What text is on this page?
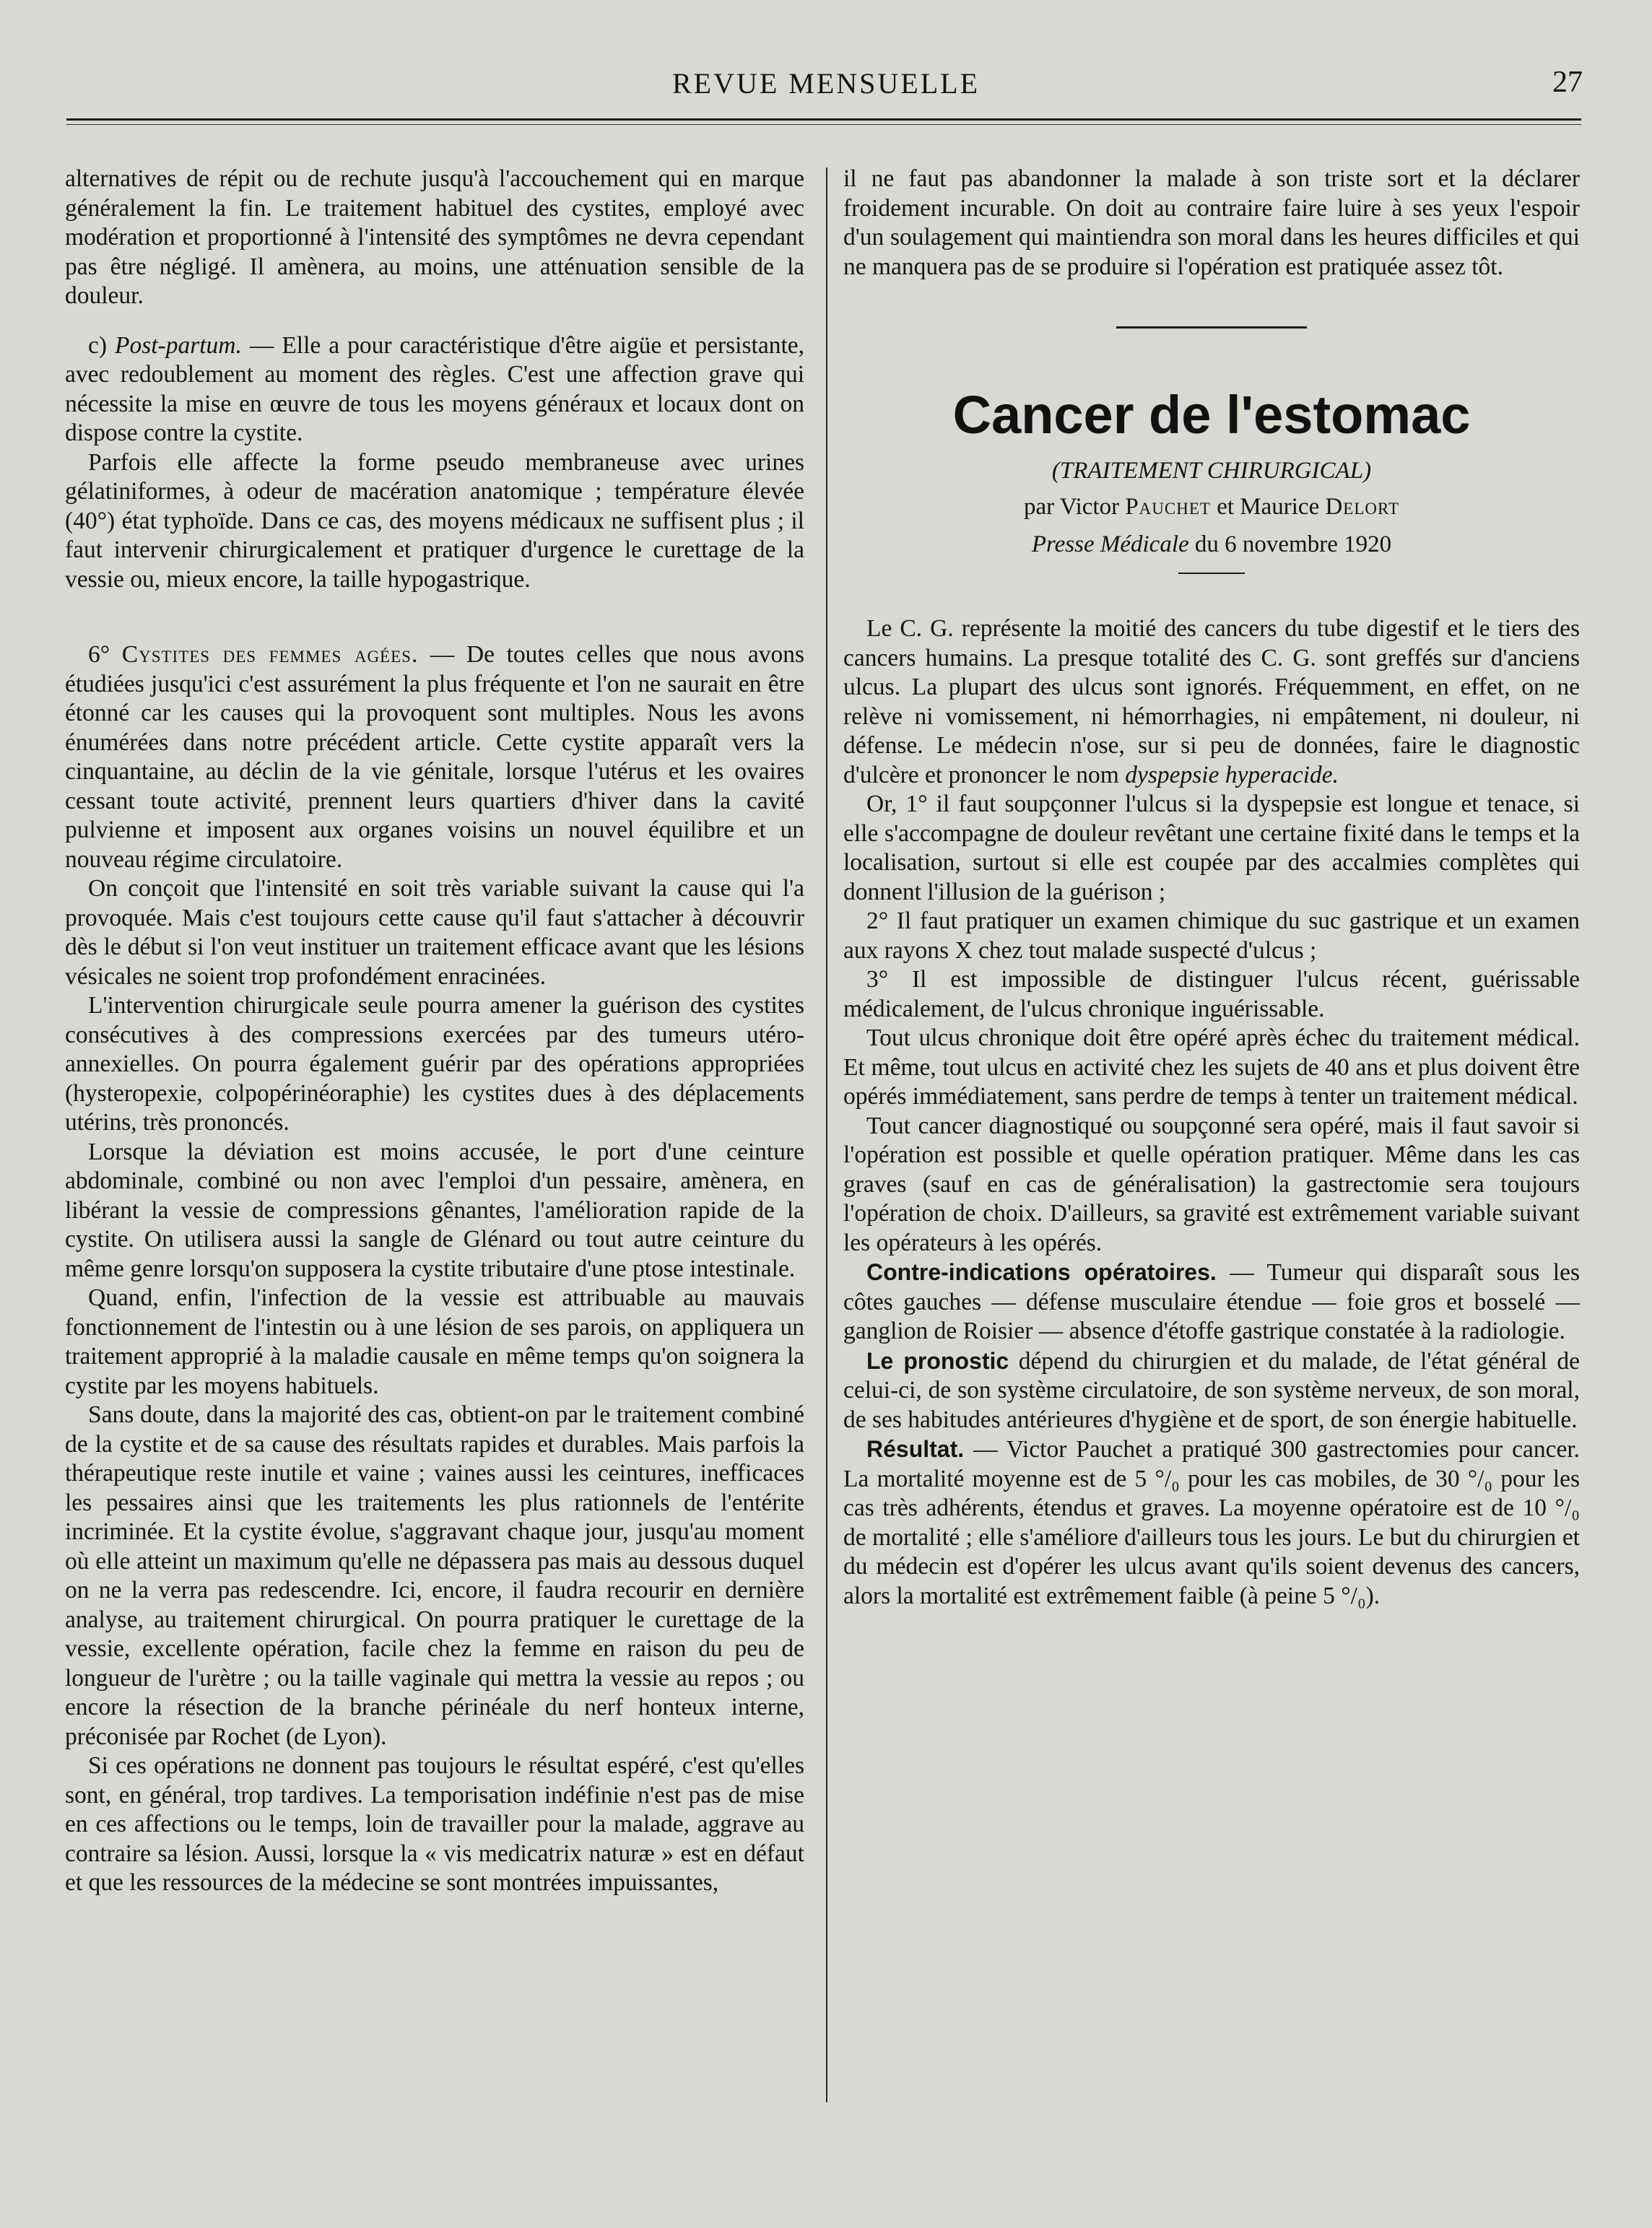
REVUE MENSUELLE	27

alternatives de répit ou de rechute jusqu'à l'accouchement qui en marque généralement la fin. Le traitement habituel des cystites, employé avec modération et proportionné à l'intensité des symptômes ne devra cependant pas être négligé. Il amènera, au moins, une atténuation sensible de la douleur.

c) Post-partum. — Elle a pour caractéristique d'être aigüe et persistante, avec redoublement au moment des règles. C'est une affection grave qui nécessite la mise en œuvre de tous les moyens généraux et locaux dont on dispose contre la cystite.

Parfois elle affecte la forme pseudo membraneuse avec urines gélatiniformes, à odeur de macération anatomique ; température élevée (40°) état typhoïde. Dans ce cas, des moyens médicaux ne suffisent plus ; il faut intervenir chirurgicalement et pratiquer d'urgence le curettage de la vessie ou, mieux encore, la taille hypogastrique.

6° Cystites des femmes agées. — De toutes celles que nous avons étudiées jusqu'ici c'est assurément la plus fréquente et l'on ne saurait en être étonné car les causes qui la provoquent sont multiples. Nous les avons énumérées dans notre précédent article. Cette cystite apparaît vers la cinquantaine, au déclin de la vie génitale, lorsque l'utérus et les ovaires cessant toute activité, prennent leurs quartiers d'hiver dans la cavité pulvienne et imposent aux organes voisins un nouvel équilibre et un nouveau régime circulatoire.

On conçoit que l'intensité en soit très variable suivant la cause qui l'a provoquée. Mais c'est toujours cette cause qu'il faut s'attacher à découvrir dès le début si l'on veut instituer un traitement efficace avant que les lésions vésicales ne soient trop profondément enracinées.

L'intervention chirurgicale seule pourra amener la guérison des cystites consécutives à des compressions exercées par des tumeurs utéro-annexielles. On pourra également guérir par des opérations appropriées (hysteropexie, colpopérinéoraphie) les cystites dues à des déplacements utérins, très prononcés.

Lorsque la déviation est moins accusée, le port d'une ceinture abdominale, combiné ou non avec l'emploi d'un pessaire, amènera, en libérant la vessie de compressions gênantes, l'amélioration rapide de la cystite. On utilisera aussi la sangle de Glénard ou tout autre ceinture du même genre lorsqu'on supposera la cystite tributaire d'une ptose intestinale.

Quand, enfin, l'infection de la vessie est attribuable au mauvais fonctionnement de l'intestin ou à une lésion de ses parois, on appliquera un traitement approprié à la maladie causale en même temps qu'on soignera la cystite par les moyens habituels.

Sans doute, dans la majorité des cas, obtient-on par le traitement combiné de la cystite et de sa cause des résultats rapides et durables. Mais parfois la thérapeutique reste inutile et vaine ; vaines aussi les ceintures, inefficaces les pessaires ainsi que les traitements les plus rationnels de l'entérite incriminée. Et la cystite évolue, s'aggravant chaque jour, jusqu'au moment où elle atteint un maximum qu'elle ne dépassera pas mais au dessous duquel on ne la verra pas redescendre. Ici, encore, il faudra recourir en dernière analyse, au traitement chirurgical. On pourra pratiquer le curettage de la vessie, excellente opération, facile chez la femme en raison du peu de longueur de l'urètre ; ou la taille vaginale qui mettra la vessie au repos ; ou encore la résection de la branche périnéale du nerf honteux interne, préconisée par Rochet (de Lyon).

Si ces opérations ne donnent pas toujours le résultat espéré, c'est qu'elles sont, en général, trop tardives. La temporisation indéfinie n'est pas de mise en ces affections ou le temps, loin de travailler pour la malade, aggrave au contraire sa lésion. Aussi, lorsque la « vis medicatrix naturæ » est en défaut et que les ressources de la médecine se sont montrées impuissantes,

il ne faut pas abandonner la malade à son triste sort et la déclarer froidement incurable. On doit au contraire faire luire à ses yeux l'espoir d'un soulagement qui maintiendra son moral dans les heures difficiles et qui ne manquera pas de se produire si l'opération est pratiquée assez tôt.

Cancer de l'estomac
(TRAITEMENT CHIRURGICAL)
par Victor Pauchet et Maurice Delort
Presse Médicale du 6 novembre 1920

Le C. G. représente la moitié des cancers du tube digestif et le tiers des cancers humains. La presque totalité des C. G. sont greffés sur d'anciens ulcus. La plupart des ulcus sont ignorés. Fréquemment, en effet, on ne relève ni vomissement, ni hémorrhagies, ni empâtement, ni douleur, ni défense. Le médecin n'ose, sur si peu de données, faire le diagnostic d'ulcère et prononcer le nom dyspepsie hyperacide.

Or, 1° il faut soupçonner l'ulcus si la dyspepsie est longue et tenace, si elle s'accompagne de douleur revêtant une certaine fixité dans le temps et la localisation, surtout si elle est coupée par des accalmies complètes qui donnent l'illusion de la guérison ;

2° Il faut pratiquer un examen chimique du suc gastrique et un examen aux rayons X chez tout malade suspecté d'ulcus ;

3° Il est impossible de distinguer l'ulcus récent, guérissable médicalement, de l'ulcus chronique inguérissable.

Tout ulcus chronique doit être opéré après échec du traitement médical. Et même, tout ulcus en activité chez les sujets de 40 ans et plus doivent être opérés immédiatement, sans perdre de temps à tenter un traitement médical.

Tout cancer diagnostiqué ou soupçonné sera opéré, mais il faut savoir si l'opération est possible et quelle opération pratiquer. Même dans les cas graves (sauf en cas de généralisation) la gastrectomie sera toujours l'opération de choix. D'ailleurs, sa gravité est extrêmement variable suivant les opérateurs à les opérés.

Contre-indications opératoires. — Tumeur qui disparaît sous les côtes gauches — défense musculaire étendue — foie gros et bosselé — ganglion de Roisier — absence d'étoffe gastrique constatée à la radiologie.

Le pronostic dépend du chirurgien et du malade, de l'état général de celui-ci, de son système circulatoire, de son système nerveux, de son moral, de ses habitudes antérieures d'hygiène et de sport, de son énergie habituelle.

Résultat. — Victor Pauchet a pratiqué 300 gastrectomies pour cancer. La mortalité moyenne est de 5 °/₀ pour les cas mobiles, de 30 °/₀ pour les cas très adhérents, étendus et graves. La moyenne opératoire est de 10 °/₀ de mortalité ; elle s'améliore d'ailleurs tous les jours. Le but du chirurgien et du médecin est d'opérer les ulcus avant qu'ils soient devenus des cancers, alors la mortalité est extrêmement faible (à peine 5 °/₀).
